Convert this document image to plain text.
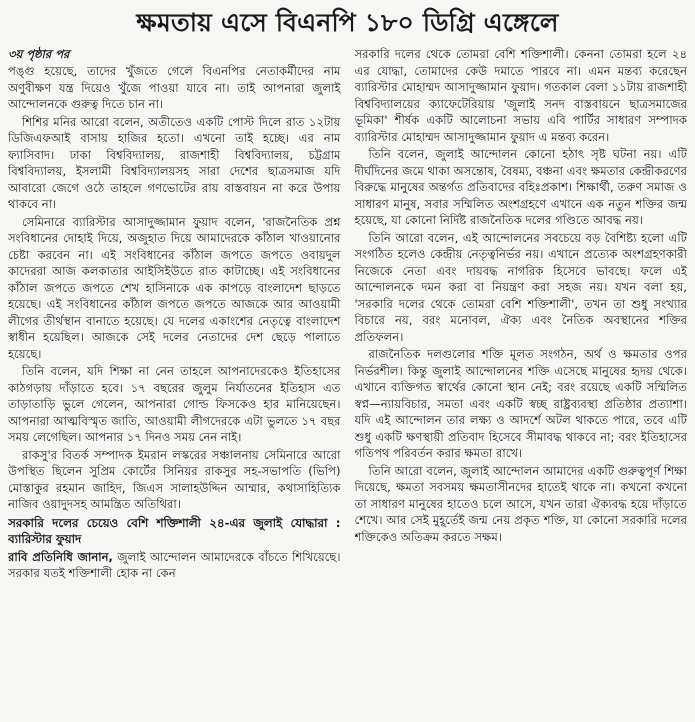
ক্ষমতায় এসে বিএনপি ১৮০ ডিগ্রি এঙ্গেলে
৩য় পৃষ্ঠার পর

পঙ্গু হয়েছে, তাদের খুঁজতে গেলে বিএনপির নেতাকর্মীদের নাম অণুবীক্ষণ যন্ত্র দিয়েও খুঁজে পাওয়া যাবে না। তাই আপনারা জুলাই আন্দোলনকে গুরুত্ব দিতে চান না।

শিশির মনির আরো বলেন, অতীতেও একটি পোস্ট দিলে রাত ১২টায় ডিজিএফআই বাসায় হাজির হতো। এখনো তাই হচ্ছে। এর নাম ফ্যাসিবাদ। ঢাকা বিশ্ববিদ্যালয়, রাজশাহী বিশ্ববিদ্যালয়, চট্টগ্রাম বিশ্ববিদ্যালয়, ইসলামী বিশ্ববিদ্যালয়সহ সারা দেশের ছাত্রসমাজ যদি আবারো জেগে ওঠে তাহলে গণভোটের রায় বাস্তবায়ন না করে উপায় থাকবে না।

সেমিনারে ব্যারিস্টার আসাদুজ্জামান ফুয়াদ বলেন, 'রাজনৈতিক প্রশ্ন সংবিধানের দোহাই দিয়ে, অজুহাত দিয়ে আমাদেরকে কাঁঠাল খাওয়ানোর চেষ্টা করবেন না। এই সংবিধানের কাঁঠাল জপতে জপতে ওবায়দুল কাদেররা আজ কলকাতার আইসিইউতে রাত কাটাচ্ছে। এই সংবিধানের কাঁঠাল জপতে জপতে শেখ হাসিনাকে এক কাপড়ে বাংলাদেশ ছাড়তে হয়েছে। এই সংবিধানের কাঁঠাল জপতে জপতে আজকে আর আওয়ামী লীগের তীর্থস্থান বানাতে হয়েছে। যে দলের একাংশের নেতৃত্বে বাংলাদেশ স্বাধীন হয়েছিল। আজকে সেই দলের নেতাদের দেশ ছেড়ে পালাতে হয়েছে।

তিনি বলেন, যদি শিক্ষা না নেন তাহলে আপনাদেরকেও ইতিহাসের কাঠগড়ায় দাঁড়াতে হবে। ১৭ বছরের জুলুম নির্যাতনের ইতিহাস এত তাড়াতাড়ি ভুলে গেলেন, আপনারা গোল্ড ফিসকেও হার মানিয়েছেন। আপনারা আত্মবিস্মৃত জাতি, আওয়ামী লীগদেরকে এটা ভুলতে ১৭ বছর সময় লেগেছিল। আপনার ১৭ দিনও সময় নেন নাই।

রাকসু'র বিতর্ক সম্পাদক ইমরান লস্করের সঞ্চালনায় সেমিনারে আরো উপস্থিত ছিলেন সুপ্রিম কোর্টের সিনিয়র রাকসুর সহ-সভাপতি (ভিপি) মোস্তাকুর রহমান জাহিদ, জিএস সালাহউদ্দিন আম্মার, কথাসাহিত্যিক নাজিব ওয়াদুদসহ আমন্ত্রিত অতিথিরা।

সরকারি দলের চেয়েও বেশি শক্তিশালী ২৪-এর জুলাই যোদ্ধারা : ব্যারিস্টার ফুয়াদ

রাবি প্রতিনিধি জানান, জুলাই আন্দোলন আমাদেরকে বাঁচতে শিখিয়েছে। সরকার যতই শক্তিশালী হোক না কেন

সরকারি দলের থেকে তোমরা বেশি শক্তিশালী। কেননা তোমরা হলে ২৪ এর যোদ্ধা, তোমাদের কেউ দমাতে পারবে না। এমন মন্তব্য করেছেন ব্যারিস্টার মোহাম্মদ আসাদুজ্জামান ফুয়াদ। গতকাল বেলা ১১টায় রাজশাহী বিশ্ববিদ্যালয়ের ক্যাফেটেরিয়ায় 'জুলাই সনদ বাস্তবায়নে ছাত্রসমাজের ভূমিকা' শীর্ষক একটি আলোচনা সভায় এবি পার্টির সাধারণ সম্পাদক ব্যারিস্টার মোহাম্মদ আসাদুজ্জামান ফুয়াদ এ মন্তব্য করেন।

তিনি বলেন, জুলাই আন্দোলন কোনো হঠাৎ সৃষ্ট ঘটনা নয়। এটি দীর্ঘদিনের জমে থাকা অসন্তোষ, বৈষম্য, বঞ্চনা এবং ক্ষমতার কেন্দ্রীকরণের বিরুদ্ধে মানুষের অন্তর্গত প্রতিবাদের বহিঃপ্রকাশ। শিক্ষার্থী, তরুণ সমাজ ও সাধারণ মানুষ, সবার সম্মিলিত অংশগ্রহণে এখানে এক নতুন শক্তির জন্ম হয়েছে, যা কোনো নির্দিষ্ট রাজনৈতিক দলের গণ্ডিতে আবদ্ধ নয়।

তিনি আরো বলেন, এই আন্দোলনের সবচেয়ে বড় বৈশিষ্ট্য হলো এটি সংগঠিত হলেও কেন্দ্রীয় নেতৃত্বনির্ভর নয়। এখানে প্রত্যেক অংশগ্রহণকারী নিজেকে নেতা এবং দায়বদ্ধ নাগরিক হিসেবে ভাবছে। ফলে এই আন্দোলনকে দমন করা বা নিয়ন্ত্রণ করা সহজ নয়। যখন বলা হয়, 'সরকারি দলের থেকে তোমরা বেশি শক্তিশালী', তখন তা শুধু সংখ্যার বিচারে নয়, বরং মনোবল, ঐক্য এবং নৈতিক অবস্থানের শক্তির প্রতিফলন।

রাজনৈতিক দলগুলোর শক্তি মূলত সংগঠন, অর্থ ও ক্ষমতার ওপর নির্ভরশীল। কিন্তু জুলাই আন্দোলনের শক্তি এসেছে মানুষের হৃদয় থেকে। এখানে ব্যক্তিগত স্বার্থের কোনো স্থান নেই; বরং রয়েছে একটি সম্মিলিত স্বপ্ন—ন্যায়বিচার, সমতা এবং একটি স্বচ্ছ রাষ্ট্রব্যবস্থা প্রতিষ্ঠার প্রত্যাশা। যদি এই আন্দোলন তার লক্ষ্য ও আদর্শে অটল থাকতে পারে, তবে এটি শুধু একটি ক্ষণস্থায়ী প্রতিবাদ হিসেবে সীমাবদ্ধ থাকবে না; বরং ইতিহাসের গতিপথ পরিবর্তন করার ক্ষমতা রাখে।

তিনি আরো বলেন, জুলাই আন্দোলন আমাদের একটি গুরুত্বপূর্ণ শিক্ষা দিয়েছে, ক্ষমতা সবসময় ক্ষমতাসীনদের হাতেই থাকে না। কখনো কখনো তা সাধারণ মানুষের হাতেও চলে আসে, যখন তারা ঐক্যবদ্ধ হয়ে দাঁড়াতে শেখে। আর সেই মুহূর্তেই জন্ম নেয় প্রকৃত শক্তি, যা কোনো সরকারি দলের শক্তিকেও অতিক্রম করতে সক্ষম।
